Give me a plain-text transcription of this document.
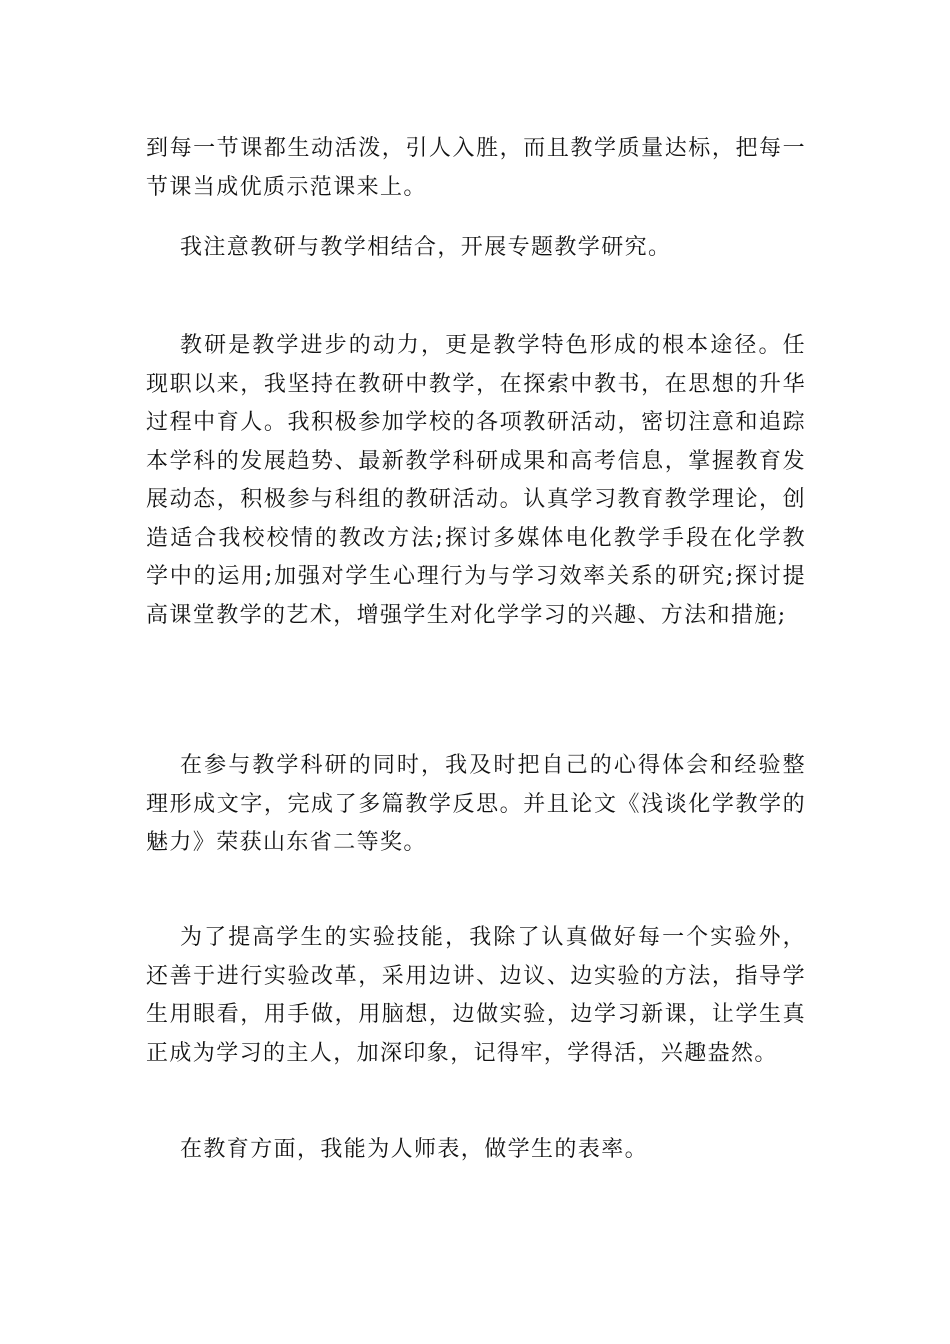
到每一节课都生动活泼，引人入胜，而且教学质量达标，把每一节课当成优质示范课来上。

我注意教研与教学相结合，开展专题教学研究。

教研是教学进步的动力，更是教学特色形成的根本途径。任现职以来，我坚持在教研中教学，在探索中教书，在思想的升华过程中育人。我积极参加学校的各项教研活动，密切注意和追踪本学科的发展趋势、最新教学科研成果和高考信息，掌握教育发展动态，积极参与科组的教研活动。认真学习教育教学理论，创造适合我校校情的教改方法;探讨多媒体电化教学手段在化学教学中的运用;加强对学生心理行为与学习效率关系的研究;探讨提高课堂教学的艺术，增强学生对化学学习的兴趣、方法和措施;

在参与教学科研的同时，我及时把自己的心得体会和经验整理形成文字，完成了多篇教学反思。并且论文《浅谈化学教学的魅力》荣获山东省二等奖。

为了提高学生的实验技能，我除了认真做好每一个实验外，还善于进行实验改革，采用边讲、边议、边实验的方法，指导学生用眼看，用手做，用脑想，边做实验，边学习新课，让学生真正成为学习的主人，加深印象，记得牢，学得活，兴趣盎然。

在教育方面，我能为人师表，做学生的表率。
